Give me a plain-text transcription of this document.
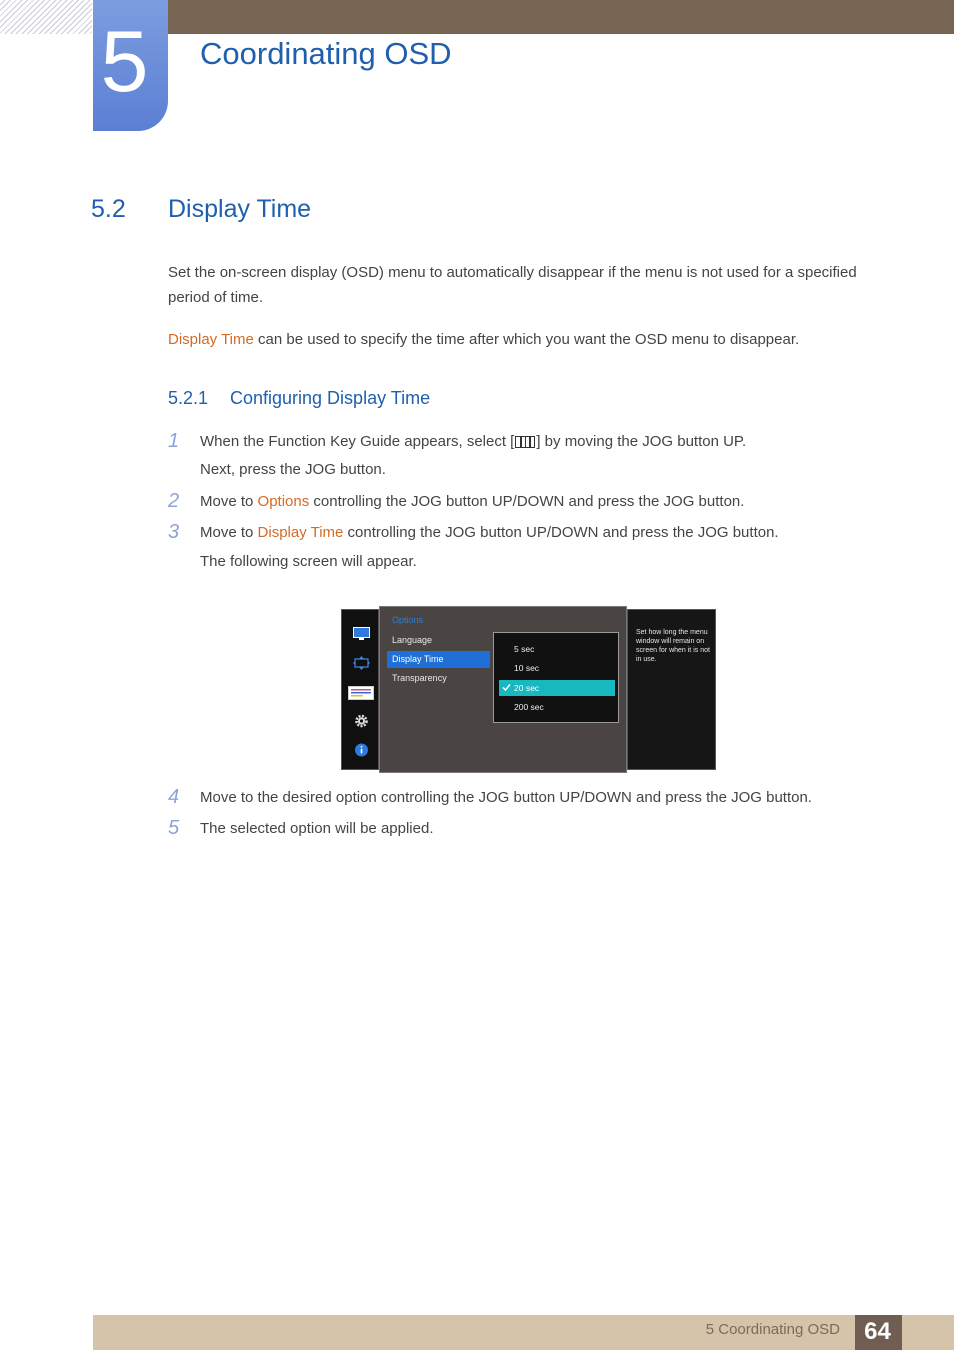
5 Coordinating OSD
5.2 Display Time
Set the on-screen display (OSD) menu to automatically disappear if the menu is not used for a specified period of time.
Display Time can be used to specify the time after which you want the OSD menu to disappear.
5.2.1 Configuring Display Time
1 When the Function Key Guide appears, select [ ] by moving the JOG button UP.
Next, press the JOG button.
2 Move to Options controlling the JOG button UP/DOWN and press the JOG button.
3 Move to Display Time controlling the JOG button UP/DOWN and press the JOG button.
The following screen will appear.
Options
Language
Display Time
Transparency
5 sec
10 sec
20 sec
200 sec
Set how long the menu window will remain on screen for when it is not in use.
4 Move to the desired option controlling the JOG button UP/DOWN and press the JOG button.
5 The selected option will be applied.
5 Coordinating OSD	64
